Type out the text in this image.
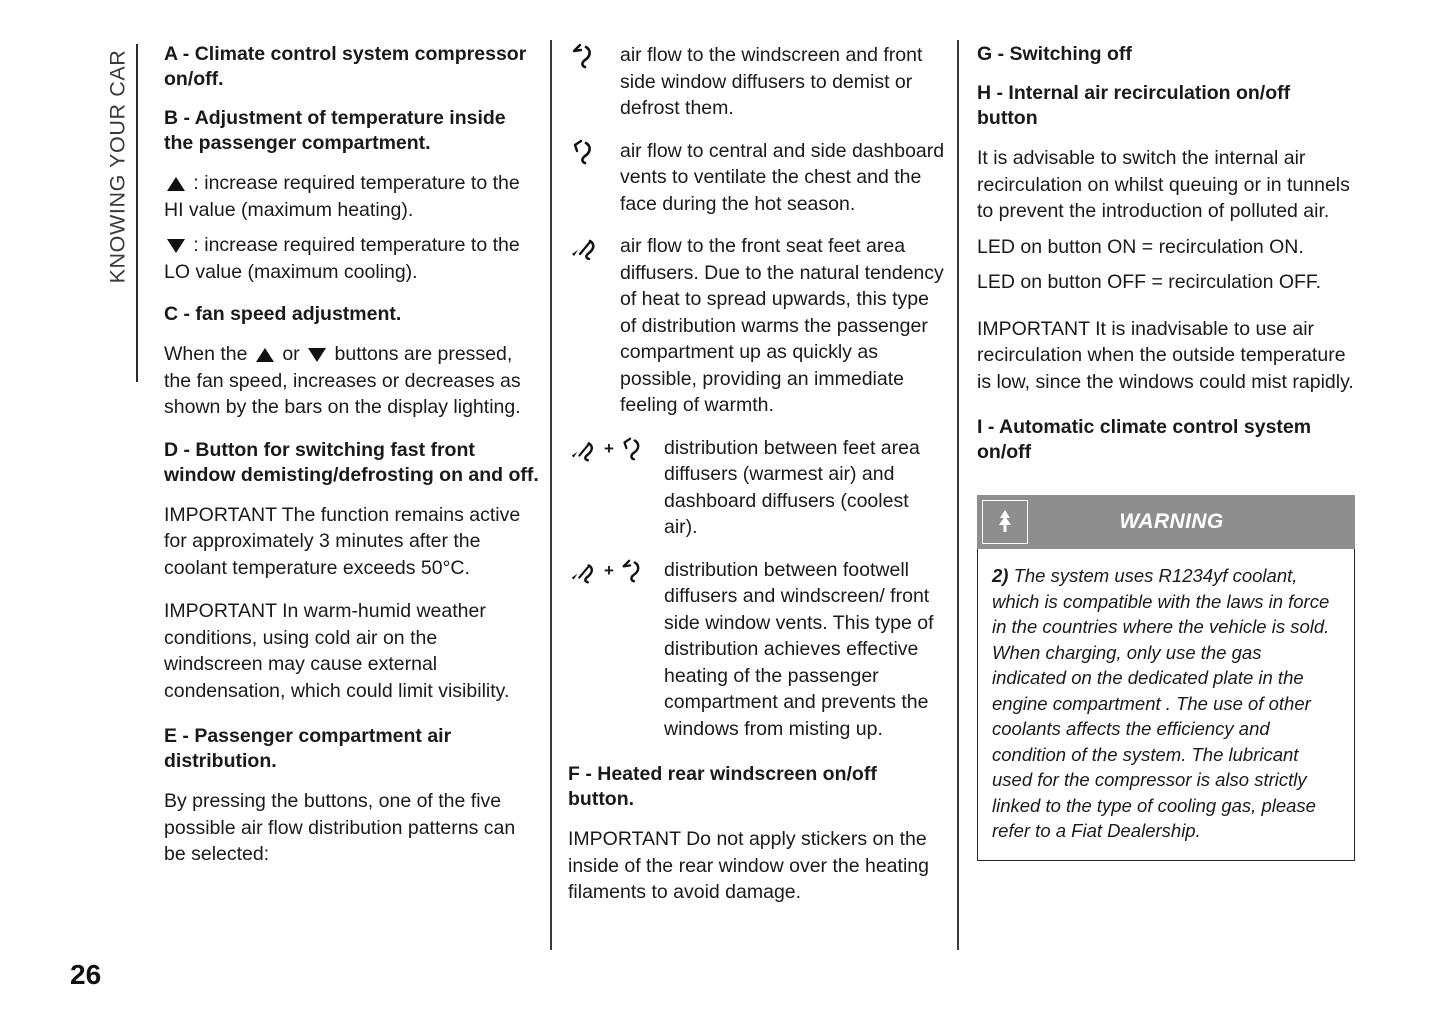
KNOWING YOUR CAR A - Climate control system compressor on/off.
B - Adjustment of temperature inside the passenger compartment.

: increase required temperature to the HI value (maximum heating).

: increase required temperature to the LO value (maximum cooling).

C - fan speed adjustment.

When the or buttons are pressed, the fan speed, increases or decreases as shown by the bars on the display lighting.

D - Button for switching fast front window demisting/defrosting on and off.

IMPORTANT The function remains active for approximately 3 minutes after the coolant temperature exceeds 50°C.

IMPORTANT In warm-humid weather conditions, using cold air on the windscreen may cause external condensation, which could limit visibility.

E - Passenger compartment air distribution.

By pressing the buttons, one of the five possible air flow distribution patterns can be selected:

air flow to the windscreen and front side window diffusers to demist or defrost them.
air flow to central and side dashboard vents to ventilate the chest and the face during the hot season.
air flow to the front seat feet area diffusers. Due to the natural tendency of heat to spread upwards, this type of distribution warms the passenger compartment up as quickly as possible, providing an immediate feeling of warmth.
+	distribution between feet area diffusers (warmest air) and dashboard diffusers (coolest air).
+	distribution between footwell diffusers and windscreen/ front side window vents. This type of distribution achieves effective heating of the passenger compartment and prevents the windows from misting up.
F - Heated rear windscreen on/off button.

IMPORTANT Do not apply stickers on the inside of the rear window over the heating filaments to avoid damage.

G - Switching off
H - Internal air recirculation on/off button

It is advisable to switch the internal air recirculation on whilst queuing or in tunnels to prevent the introduction of polluted air.

LED on button ON = recirculation ON.

LED on button OFF = recirculation OFF.

IMPORTANT It is inadvisable to use air recirculation when the outside temperature is low, since the windows could mist rapidly.

I - Automatic climate control system on/off
WARNING
2) The system uses R1234yf coolant, which is compatible with the laws in force in the countries where the vehicle is sold. When charging, only use the gas indicated on the dedicated plate in the engine compartment . The use of other coolants affects the efficiency and condition of the system. The lubricant used for the compressor is also strictly linked to the type of cooling gas, please refer to a Fiat Dealership.
26
